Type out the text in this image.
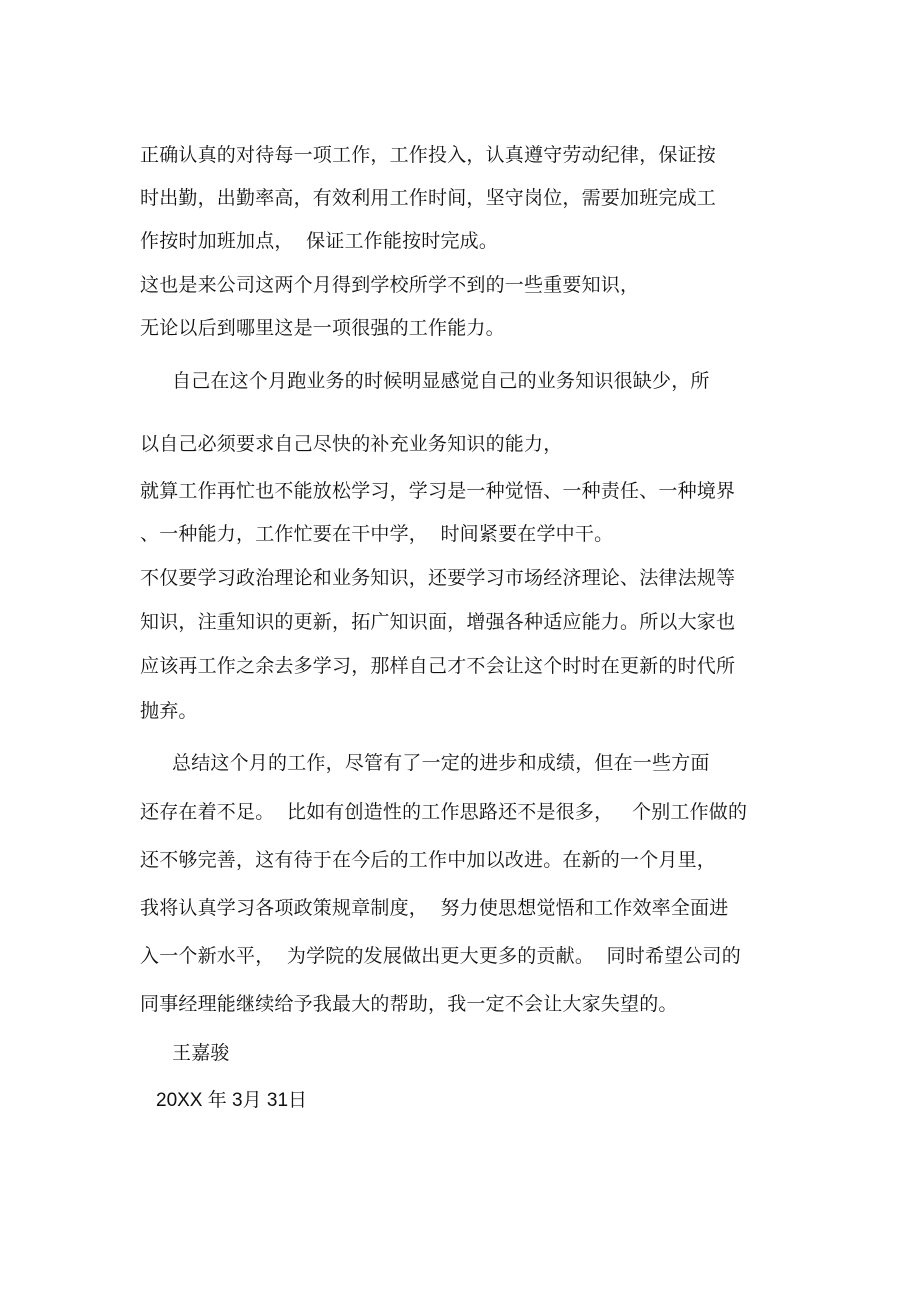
正确认真的对待每一项工作，工作投入，认真遵守劳动纪律，保证按
时出勤，出勤率高，有效利用工作时间，坚守岗位，需要加班完成工
作按时加班加点，  保证工作能按时完成。
这也是来公司这两个月得到学校所学不到的一些重要知识，
无论以后到哪里这是一项很强的工作能力。
自己在这个月跑业务的时候明显感觉自己的业务知识很缺少，所
以自己必须要求自己尽快的补充业务知识的能力，
就算工作再忙也不能放松学习，学习是一种觉悟、一种责任、一种境界
、一种能力，工作忙要在干中学，  时间紧要在学中干。
不仅要学习政治理论和业务知识，还要学习市场经济理论、法律法规等
知识，注重知识的更新，拓广知识面，增强各种适应能力。所以大家也
应该再工作之余去多学习，那样自己才不会让这个时时在更新的时代所
抛弃。
总结这个月的工作，尽管有了一定的进步和成绩，但在一些方面
还存在着不足。  比如有创造性的工作思路还不是很多，   个别工作做的
还不够完善，这有待于在今后的工作中加以改进。在新的一个月里，
我将认真学习各项政策规章制度，  努力使思想觉悟和工作效率全面进
入一个新水平，  为学院的发展做出更大更多的贡献。  同时希望公司的
同事经理能继续给予我最大的帮助，我一定不会让大家失望的。
王嘉骏
20XX 年 3月 31日
